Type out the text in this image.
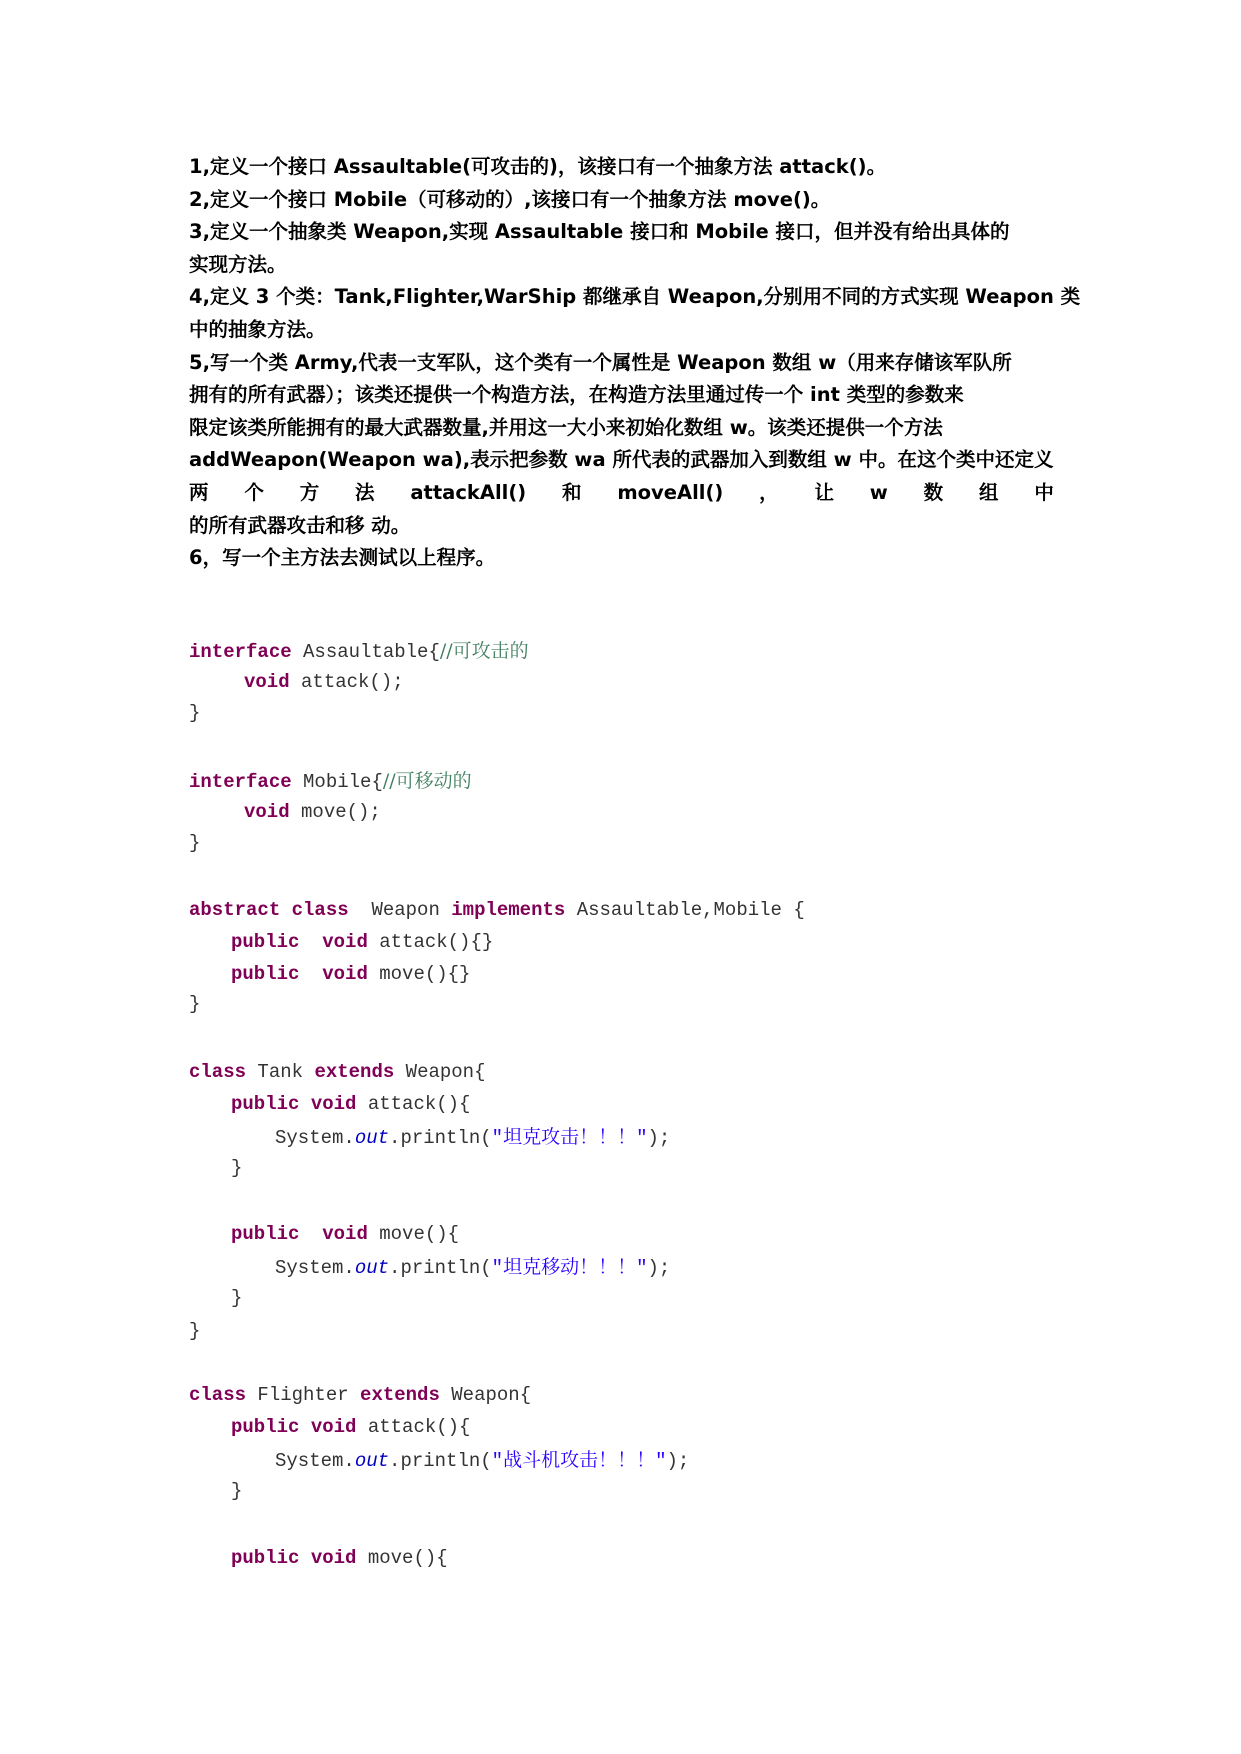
1,定义一个接口 Assaultable(可攻击的)，该接口有一个抽象方法 attack()。

2,定义一个接口 Mobile（可移动的）,该接口有一个抽象方法 move()。

3,定义一个抽象类 Weapon,实现 Assaultable 接口和 Mobile 接口，但并没有给出具体的

实现方法。

4,定义 3 个类：Tank,Flighter,WarShip 都继承自 Weapon,分别用不同的方式实现 Weapon 类

中的抽象方法。

5,写一个类 Army,代表一支军队，这个类有一个属性是 Weapon 数组 w（用来存储该军队所

拥有的所有武器）；该类还提供一个构造方法，在构造方法里通过传一个 int 类型的参数来

限定该类所能拥有的最大武器数量,并用这一大小来初始化数组 w。该类还提供一个方法

addWeapon(Weapon wa),表示把参数 wa 所代表的武器加入到数组 w 中。在这个类中还定义

两 个 方 法 attackAll() 和 moveAll() ， 让 w 数 组 中

的所有武器攻击和移 动。

6，写一个主方法去测试以上程序。

interface Assaultable{//可攻击的
void attack();
}
interface Mobile{//可移动的
void move();
}
abstract class  Weapon implements Assaultable,Mobile {
public void attack(){}
public void move(){}
}
class Tank extends Weapon{
public void attack(){
System.out.println("坦克攻击！！！");
}
public void move(){
System.out.println("坦克移动！！！");
}
}
class Flighter extends Weapon{
public void attack(){
System.out.println("战斗机攻击！！！");
}
public void move(){
